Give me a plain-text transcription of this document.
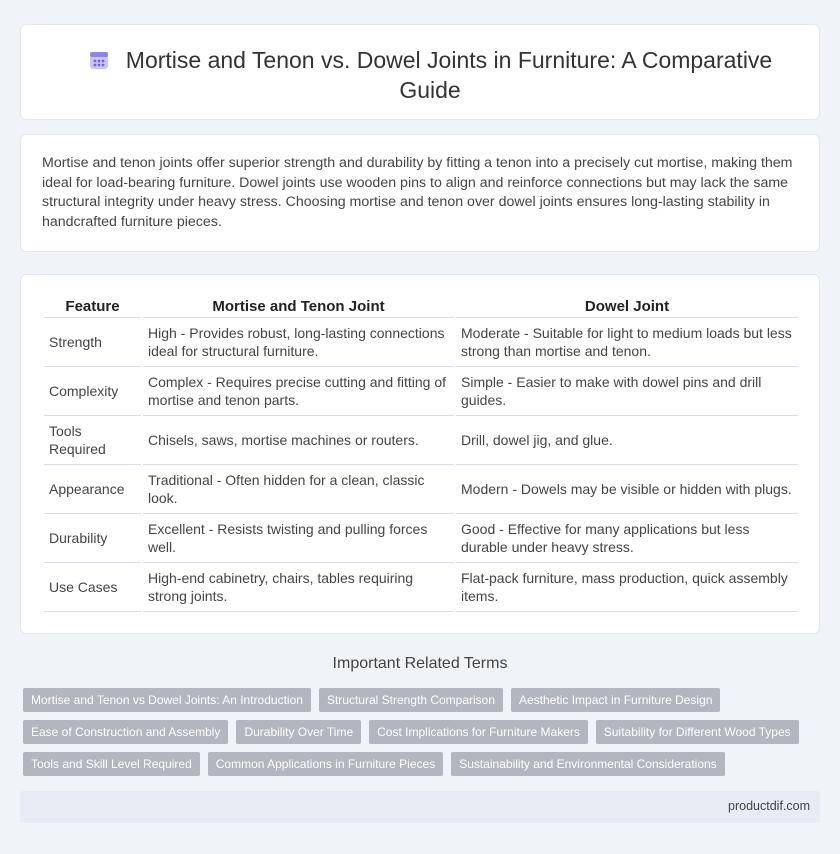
Mortise and Tenon vs. Dowel Joints in Furniture: A Comparative Guide

Mortise and tenon joints offer superior strength and durability by fitting a tenon into a precisely cut mortise, making them ideal for load-bearing furniture. Dowel joints use wooden pins to align and reinforce connections but may lack the same structural integrity under heavy stress. Choosing mortise and tenon over dowel joints ensures long-lasting stability in handcrafted furniture pieces.

Feature	Mortise and Tenon Joint	Dowel Joint
Strength	High - Provides robust, long-lasting connections ideal for structural furniture.	Moderate - Suitable for light to medium loads but less strong than mortise and tenon.
Complexity	Complex - Requires precise cutting and fitting of mortise and tenon parts.	Simple - Easier to make with dowel pins and drill guides.
Tools Required	Chisels, saws, mortise machines or routers.	Drill, dowel jig, and glue.
Appearance	Traditional - Often hidden for a clean, classic look.	Modern - Dowels may be visible or hidden with plugs.
Durability	Excellent - Resists twisting and pulling forces well.	Good - Effective for many applications but less durable under heavy stress.
Use Cases	High-end cabinetry, chairs, tables requiring strong joints.	Flat-pack furniture, mass production, quick assembly items.
Important Related Terms
Mortise and Tenon vs Dowel Joints: An Introduction	Structural Strength Comparison	Aesthetic Impact in Furniture Design
Ease of Construction and Assembly	Durability Over Time	Cost Implications for Furniture Makers	Suitability for Different Wood Types
Tools and Skill Level Required	Common Applications in Furniture Pieces	Sustainability and Environmental Considerations
productdif.com
